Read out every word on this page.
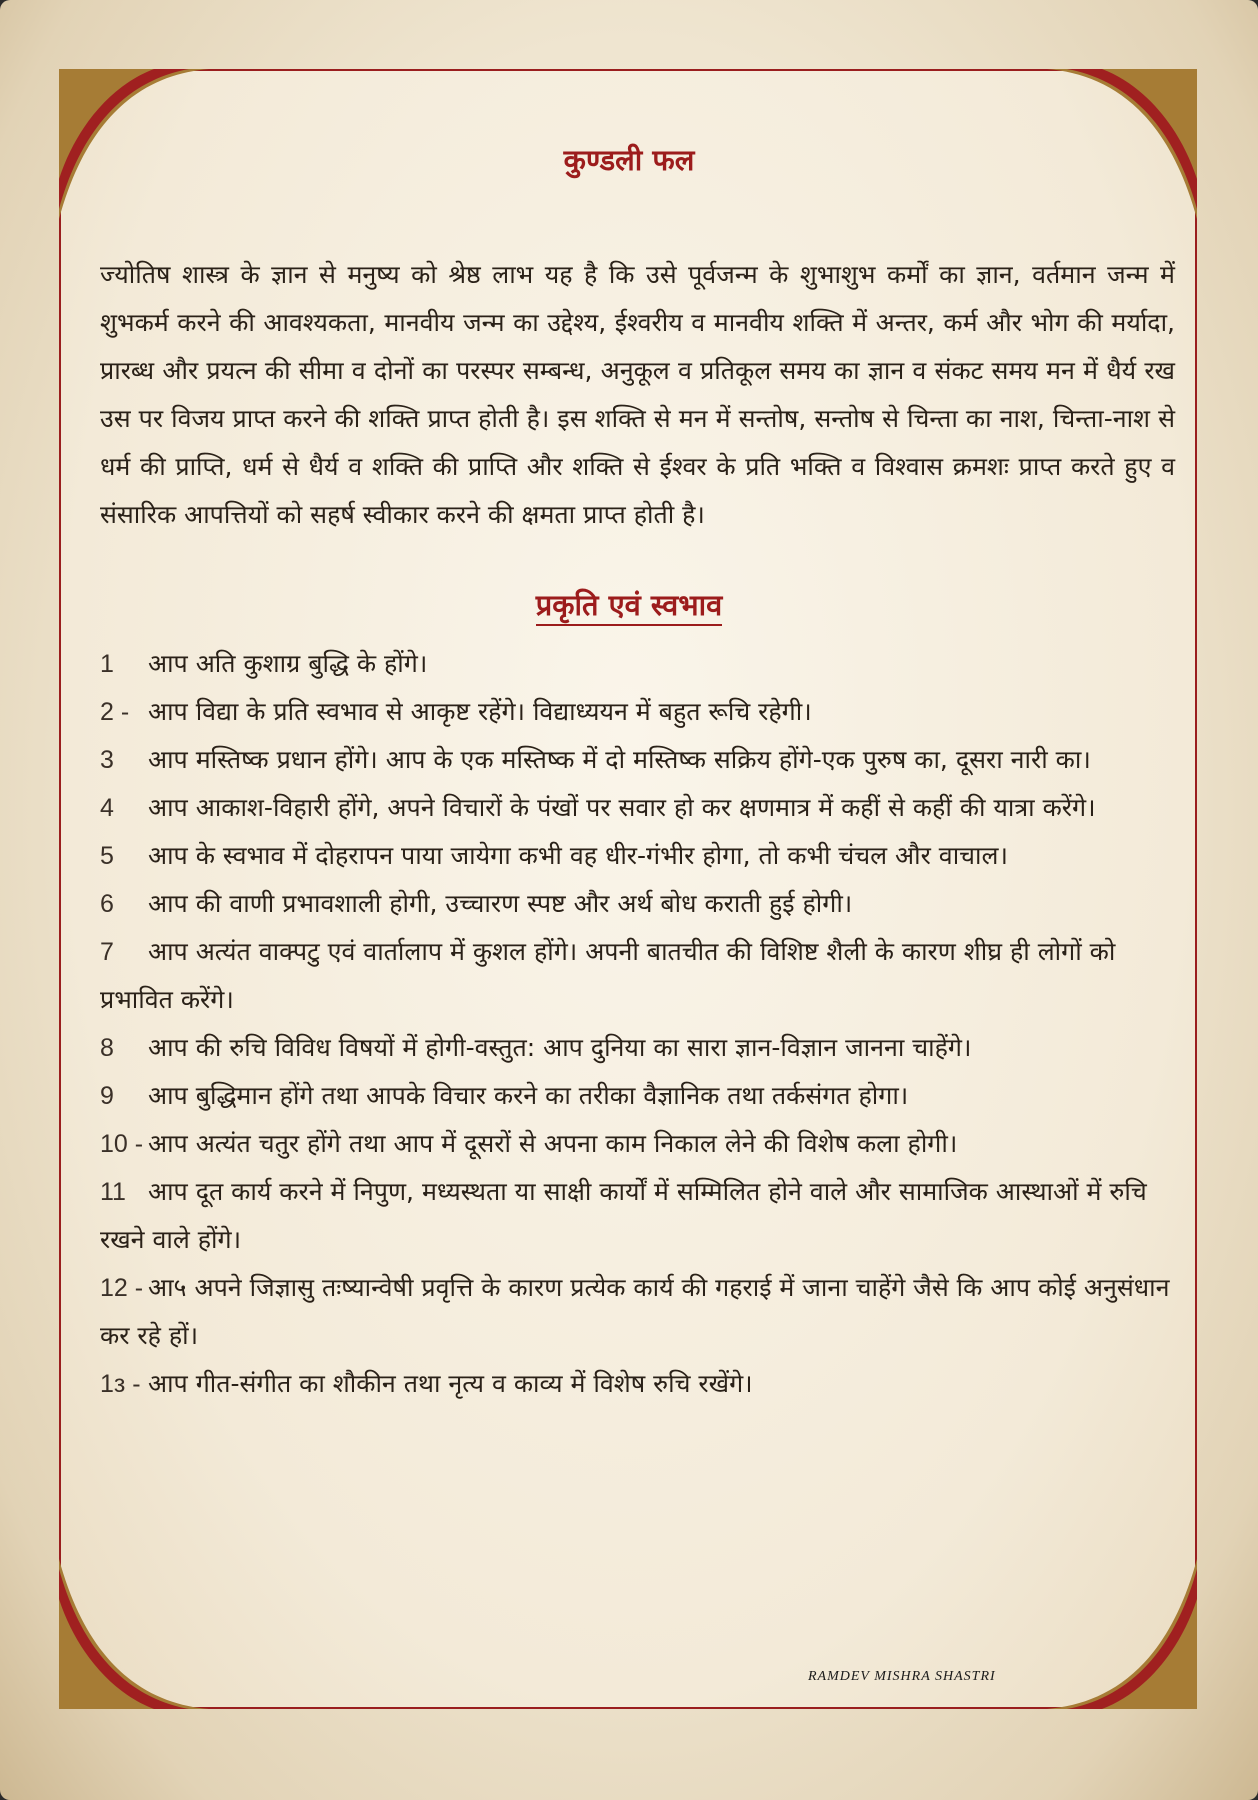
कुण्डली फल

ज्योतिष शास्त्र के ज्ञान से मनुष्य को श्रेष्ठ लाभ यह है कि उसे पूर्वजन्म के शुभाशुभ कर्मों का ज्ञान, वर्तमान जन्म में शुभकर्म करने की आवश्यकता, मानवीय जन्म का उद्देश्य, ईश्वरीय व मानवीय शक्ति में अन्तर, कर्म और भोग की मर्यादा, प्रारब्ध और प्रयत्न की सीमा व दोनों का परस्पर सम्बन्ध, अनुकूल व प्रतिकूल समय का ज्ञान व संकट समय मन में धैर्य रख उस पर विजय प्राप्त करने की शक्ति प्राप्त होती है। इस शक्ति से मन में सन्तोष, सन्तोष से चिन्ता का नाश, चिन्ता-नाश से धर्म की प्राप्ति, धर्म से धैर्य व शक्ति की प्राप्ति और शक्ति से ईश्वर के प्रति भक्ति व विश्वास क्रमशः प्राप्त करते हुए व संसारिक आपत्तियों को सहर्ष स्वीकार करने की क्षमता प्राप्त होती है।

प्रकृति एवं स्वभाव

1आप अति कुशाग्र बुद्धि के होंगे।

2 - आप विद्या के प्रति स्वभाव से आकृष्ट रहेंगे। विद्याध्ययन में बहुत रूचि रहेगी।

3 आप मस्तिष्क प्रधान होंगे। आप के एक मस्तिष्क में दो मस्तिष्क सक्रिय होंगे-एक पुरुष का, दूसरा नारी का।

4आप आकाश-विहारी होंगे, अपने विचारों के पंखों पर सवार हो कर क्षणमात्र में कहीं से कहीं की यात्रा करेंगे।

5 आप के स्वभाव में दोहरापन पाया जायेगा कभी वह धीर-गंभीर होगा, तो कभी चंचल और वाचाल।

6 आप की वाणी प्रभावशाली होगी, उच्चारण स्पष्ट और अर्थ बोध कराती हुई होगी।

7 आप अत्यंत वाक्पटु एवं वार्तालाप में कुशल होंगे। अपनी बातचीत की विशिष्ट शैली के कारण शीघ्र ही लोगों को प्रभावित करेंगे।

8आप की रुचि विविध विषयों में होगी-वस्तुत: आप दुनिया का सारा ज्ञान-विज्ञान जानना चाहेंगे।

9 आप बुद्धिमान होंगे तथा आपके विचार करने का तरीका वैज्ञानिक तथा तर्कसंगत होगा।

10 - आप अत्यंत चतुर होंगे तथा आप में दूसरों से अपना काम निकाल लेने की विशेष कला होगी।

11 आप दूत कार्य करने में निपुण, मध्यस्थता या साक्षी कार्यों में सम्मिलित होने वाले और सामाजिक आस्थाओं में रुचि रखने वाले होंगे।

12 - आ५ अपने जिज्ञासु त‍‍ःष्यान्वेषी प्रवृत्ति के कारण प्रत्येक कार्य की गहराई में जाना चाहेंगे जैसे कि आप कोई अनुसंधान कर रहे हों।

1з - आप गीत-संगीत का शौकीन तथा नृत्य व काव्य में विशेष रुचि रखेंगे।

RAMDEV MISHRA SHASTRI
